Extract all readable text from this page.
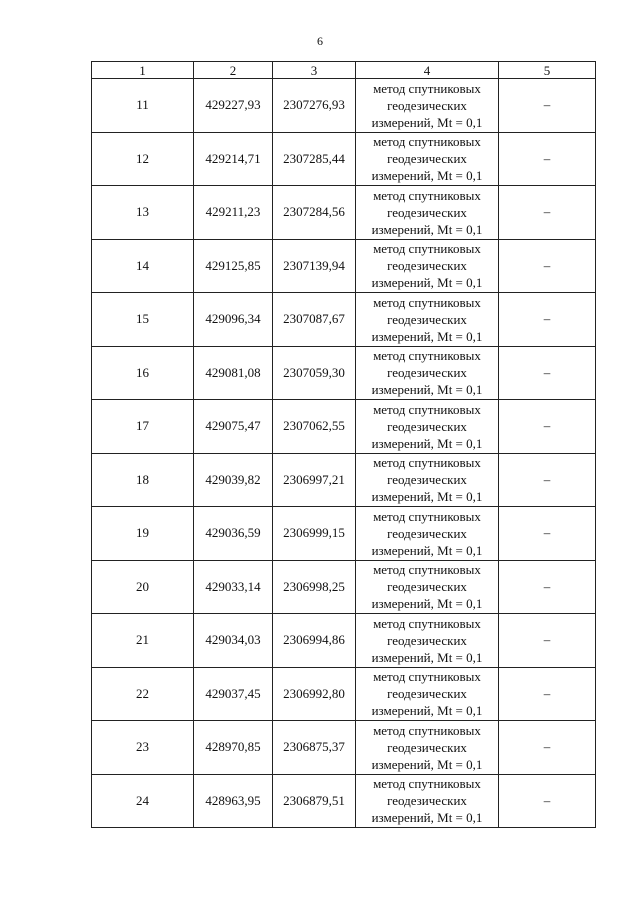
6
1	2	3	4	5
11	429227,93	2307276,93	метод спутниковых
геодезических
измерений, Mt = 0,1	–
12	429214,71	2307285,44	метод спутниковых
геодезических
измерений, Mt = 0,1	–
13	429211,23	2307284,56	метод спутниковых
геодезических
измерений, Mt = 0,1	–
14	429125,85	2307139,94	метод спутниковых
геодезических
измерений, Mt = 0,1	–
15	429096,34	2307087,67	метод спутниковых
геодезических
измерений, Mt = 0,1	–
16	429081,08	2307059,30	метод спутниковых
геодезических
измерений, Mt = 0,1	–
17	429075,47	2307062,55	метод спутниковых
геодезических
измерений, Mt = 0,1	–
18	429039,82	2306997,21	метод спутниковых
геодезических
измерений, Mt = 0,1	–
19	429036,59	2306999,15	метод спутниковых
геодезических
измерений, Mt = 0,1	–
20	429033,14	2306998,25	метод спутниковых
геодезических
измерений, Mt = 0,1	–
21	429034,03	2306994,86	метод спутниковых
геодезических
измерений, Mt = 0,1	–
22	429037,45	2306992,80	метод спутниковых
геодезических
измерений, Mt = 0,1	–
23	428970,85	2306875,37	метод спутниковых
геодезических
измерений, Mt = 0,1	–
24	428963,95	2306879,51	метод спутниковых
геодезических
измерений, Mt = 0,1	–
